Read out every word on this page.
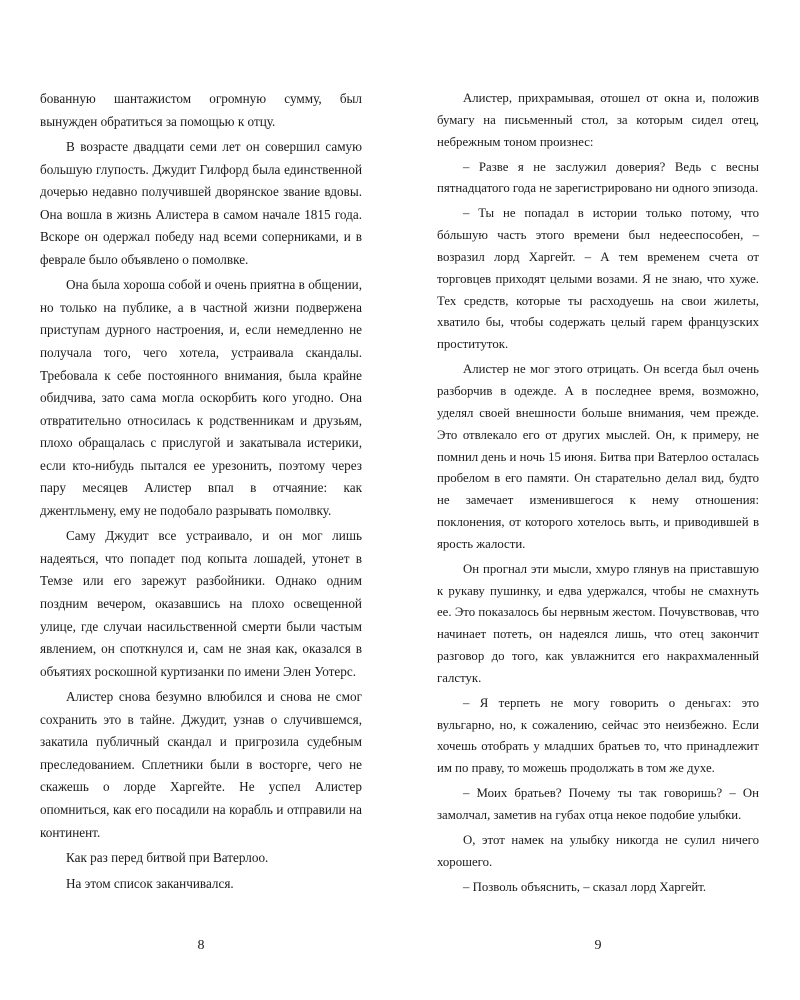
бованную шантажистом огромную сумму, был вынужден обратиться за помощью к отцу.

В возрасте двадцати семи лет он совершил самую большую глупость. Джудит Гилфорд была единственной дочерью недавно получившей дворянское звание вдовы. Она вошла в жизнь Алистера в самом начале 1815 года. Вскоре он одержал победу над всеми соперниками, и в феврале было объявлено о помолвке.

Она была хороша собой и очень приятна в общении, но только на публике, а в частной жизни подвержена приступам дурного настроения, и, если немедленно не получала того, чего хотела, устраивала скандалы. Требовала к себе постоянного внимания, была крайне обидчива, зато сама могла оскорбить кого угодно. Она отвратительно относилась к родственникам и друзьям, плохо обращалась с прислугой и закатывала истерики, если кто-нибудь пытался ее урезонить, поэтому через пару месяцев Алистер впал в отчаяние: как джентльмену, ему не подобало разрывать помолвку.

Саму Джудит все устраивало, и он мог лишь надеяться, что попадет под копыта лошадей, утонет в Темзе или его зарежут разбойники. Однако одним поздним вечером, оказавшись на плохо освещенной улице, где случаи насильственной смерти были частым явлением, он споткнулся и, сам не зная как, оказался в объятиях роскошной куртизанки по имени Элен Уотерс.

Алистер снова безумно влюбился и снова не смог сохранить это в тайне. Джудит, узнав о случившемся, закатила публичный скандал и пригрозила судебным преследованием. Сплетники были в восторге, чего не скажешь о лорде Харгейте. Не успел Алистер опомниться, как его посадили на корабль и отправили на континент.

Как раз перед битвой при Ватерлоо.

На этом список заканчивался.

Алистер, прихрамывая, отошел от окна и, положив бумагу на письменный стол, за которым сидел отец, небрежным тоном произнес:

– Разве я не заслужил доверия? Ведь с весны пятнадцатого года не зарегистрировано ни одного эпизода.

– Ты не попадал в истории только потому, что бóльшую часть этого времени был недееспособен, – возразил лорд Харгейт. – А тем временем счета от торговцев приходят целыми возами. Я не знаю, что хуже. Тех средств, которые ты расходуешь на свои жилеты, хватило бы, чтобы содержать целый гарем французских проституток.

Алистер не мог этого отрицать. Он всегда был очень разборчив в одежде. А в последнее время, возможно, уделял своей внешности больше внимания, чем прежде. Это отвлекало его от других мыслей. Он, к примеру, не помнил день и ночь 15 июня. Битва при Ватерлоо осталась пробелом в его памяти. Он старательно делал вид, будто не замечает изменившегося к нему отношения: поклонения, от которого хотелось выть, и приводившей в ярость жалости.

Он прогнал эти мысли, хмуро глянув на приставшую к рукаву пушинку, и едва удержался, чтобы не смахнуть ее. Это показалось бы нервным жестом. Почувствовав, что начинает потеть, он надеялся лишь, что отец закончит разговор до того, как увлажнится его накрахмаленный галстук.

– Я терпеть не могу говорить о деньгах: это вульгарно, но, к сожалению, сейчас это неизбежно. Если хочешь отобрать у младших братьев то, что принадлежит им по праву, то можешь продолжать в том же духе.

– Моих братьев? Почему ты так говоришь? – Он замолчал, заметив на губах отца некое подобие улыбки.

О, этот намек на улыбку никогда не сулил ничего хорошего.

– Позволь объяснить, – сказал лорд Харгейт.

8	9
